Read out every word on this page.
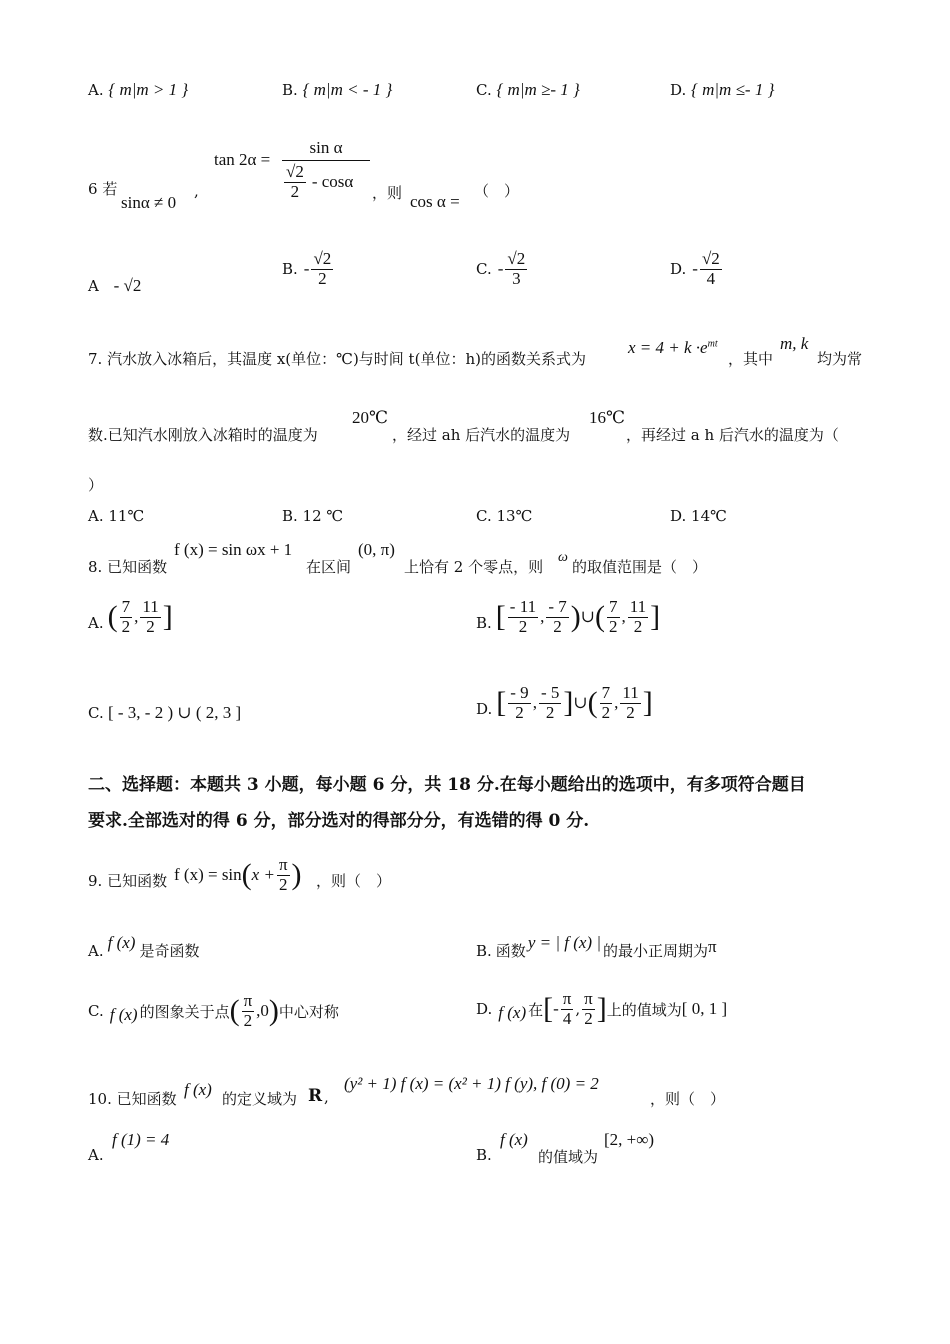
A. { m|m > 1 }	B. { m|m < - 1 }	C. { m|m ≥- 1 }	D. { m|m ≤- 1 }
6 若
sinα ≠ 0
,
$\tan 2\alpha = \frac{\text{sin α}}{\frac{√2}{2} - \cos\alpha}$ ，则 cos α =
（　）
A - √2
B. - $\frac{√2}{2}$	C. - $\frac{√2}{3}$	D. - $\frac{√2}{4}$
7. 汽水放入冰箱后，其温度 x(单位：℃)与时间 t(单位：h)的函数关系式为
$x = 4 + k \cdot e^{mt}$
，其中
m, k
均为常
数.已知汽水刚放入冰箱时的温度为
20℃
，经过 ah 后汽水的温度为
16℃
，再经过 a h 后汽水的温度为（
）
A. 11℃	B. 12 ℃	C. 13℃	D. 14℃
8. 已知函数
f (x) = sin ωx + 1
在区间
(0, π)
上恰有 2 个零点，则
ω
的取值范围是（　）
A. ( $\frac{7}{2}$ , $\frac{11}{2}$ ]	B. [ $\frac{- 11}{2}$ , $\frac{- 7}{2}$ ) ∪ ( $\frac{7}{2}$ , $\frac{11}{2}$ ]
C. [ - 3, - 2 ) ∪ ( 2, 3 ]	D. [ $\frac{- 9}{2}$ , $\frac{- 5}{2}$ ] ∪ ( $\frac{7}{2}$ , $\frac{11}{2}$ ]
二、选择题：本题共 3 小题，每小题 6 分，共 18 分.在每小题给出的选项中，有多项符合题目
要求.全部选对的得 6 分，部分选对的得部分分，有选错的得 0 分.
9. 已知函数 f (x) = sin ( $x + \frac{\pi}{2}$ ) ，则（　）
A. f (x) 是奇函数	B. 函数 y = | f (x) | 的最小正周期为 π
C. f (x) 的图象关于点 ( $\frac{\pi}{2} ,0$ ) 中心对称	D. f (x) 在 [ - $\frac{\pi}{4}$ , $\frac{\pi}{2}$ ] 上的值域为 [ 0, 1 ]
10. 已知函数 f (x) 的定义域为 R ,
(y² + 1) f (x) = (x² + 1) f (y), f (0) = 2
，则（　）
A.
f (1) = 4
B.
f (x)
的值域为
[2, +∞)
